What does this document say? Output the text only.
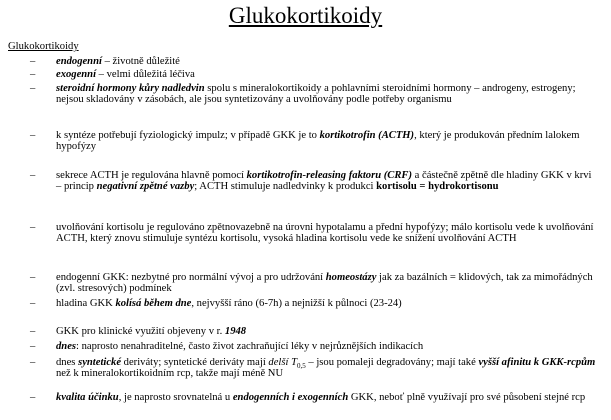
Glukokortikoidy
Glukokortikoidy
– endogenní – životně důležité
– exogenní – velmi důležitá léčiva
– steroidní hormony kůry nadledvin spolu s mineralokortikoidy a pohlavními steroidními hormony – androgeny, estrogeny; nejsou skladovány v zásobách, ale jsou syntetizovány a uvolňovány podle potřeby organismu
– k syntéze potřebují fyziologický impulz; v případě GKK je to kortikotrofin (ACTH), který je produkován předním lalokem hypofýzy
– sekrece ACTH je regulována hlavně pomocí kortikotrofin-releasing faktoru (CRF) a částečně zpětně dle hladiny GKK v krvi – princip negativní zpětné vazby; ACTH stimuluje nadledvinky k produkci kortisolu = hydrokortisonu
– uvolňování kortisolu je regulováno zpětnovazebně na úrovni hypotalamu a přední hypofýzy; málo kortisolu vede k uvolňování ACTH, který znovu stimuluje syntézu kortisolu, vysoká hladina kortisolu vede ke snížení uvolňování ACTH
– endogenní GKK: nezbytné pro normální vývoj a pro udržování homeostázy jak za bazálních = klidových, tak za mimořádných (zvl. stresových) podmínek
– hladina GKK kolísá během dne, nejvyšší ráno (6-7h) a nejnižší k půlnoci (23-24)
– GKK pro klinické využití objeveny v r. 1948
– dnes: naprosto nenahraditelné, často život zachraňující léky v nejrůznějších indikacích
– dnes syntetické deriváty; syntetické deriváty mají delší $T_{0,5}$ – jsou pomaleji degradovány; mají také vyšší afinitu k GKK-rcpům než k mineralokortikoidním rcp, takže mají méně NU
– kvalita účinku, je naprosto srovnatelná u endogenních i exogenních GKK, neboť plně využívají pro své působení stejné rcp
